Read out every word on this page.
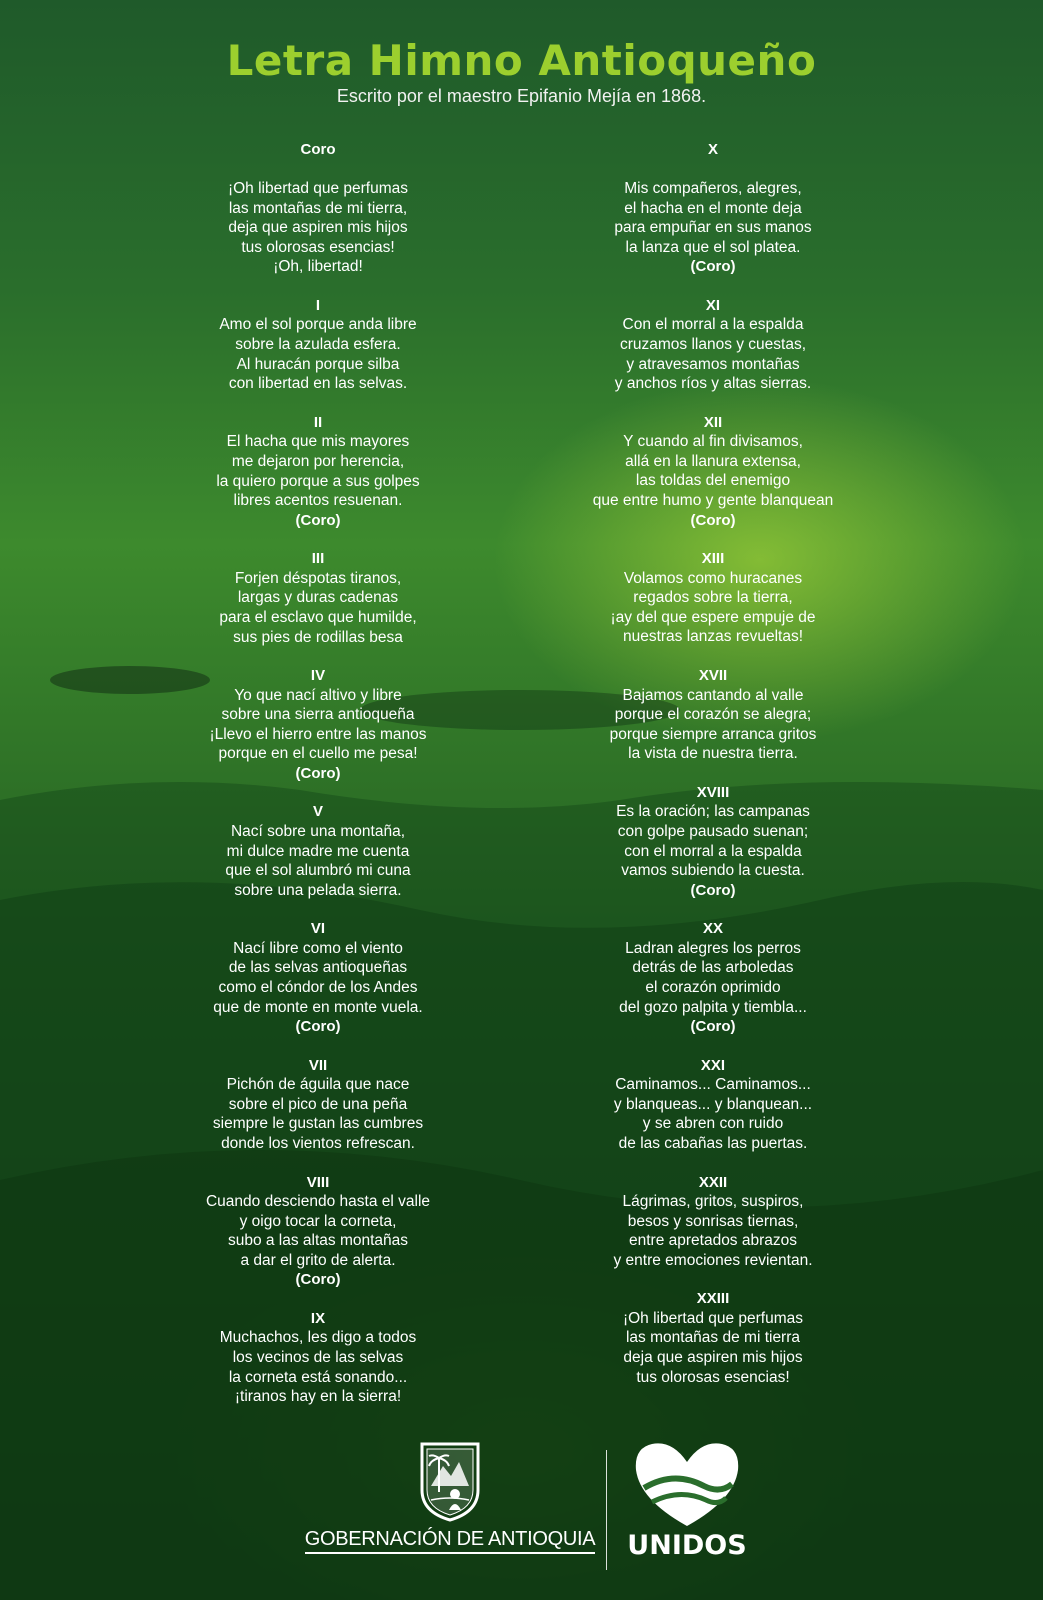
Letra Himno Antioqueño
Escrito por el maestro Epifanio Mejía en 1868.
Coro
¡Oh libertad que perfumas
las montañas de mi tierra,
deja que aspiren mis hijos
tus olorosas esencias!
¡Oh, libertad!
I
Amo el sol porque anda libre
sobre la azulada esfera.
Al huracán porque silba
con libertad en las selvas.
II
El hacha que mis mayores
me dejaron por herencia,
la quiero porque a sus golpes
libres acentos resuenan.
(Coro)
III
Forjen déspotas tiranos,
largas y duras cadenas
para el esclavo que humilde,
sus pies de rodillas besa
IV
Yo que nací altivo y libre
sobre una sierra antioqueña
¡Llevo el hierro entre las manos
porque en el cuello me pesa!
(Coro)
V
Nací sobre una montaña,
mi dulce madre me cuenta
que el sol alumbró mi cuna
sobre una pelada sierra.
VI
Nací libre como el viento
de las selvas antioqueñas
como el cóndor de los Andes
que de monte en monte vuela.
(Coro)
VII
Pichón de águila que nace
sobre el pico de una peña
siempre le gustan las cumbres
donde los vientos refrescan.
VIII
Cuando desciendo hasta el valle
y oigo tocar la corneta,
subo a las altas montañas
a dar el grito de alerta.
(Coro)
IX
Muchachos, les digo a todos
los vecinos de las selvas
la corneta está sonando...
¡tiranos hay en la sierra!
X
Mis compañeros, alegres,
el hacha en el monte deja
para empuñar en sus manos
la lanza que el sol platea.
(Coro)
XI
Con el morral a la espalda
cruzamos llanos y cuestas,
y atravesamos montañas
y anchos ríos y altas sierras.
XII
Y cuando al fin divisamos,
allá en la llanura extensa,
las toldas del enemigo
que entre humo y gente blanquean
(Coro)
XIII
Volamos como huracanes
regados sobre la tierra,
¡ay del que espere empuje de
nuestras lanzas revueltas!
XVII
Bajamos cantando al valle
porque el corazón se alegra;
porque siempre arranca gritos
la vista de nuestra tierra.
XVIII
Es la oración; las campanas
con golpe pausado suenan;
con el morral a la espalda
vamos subiendo la cuesta.
(Coro)
XX
Ladran alegres los perros
detrás de las arboledas
el corazón oprimido
del gozo palpita y tiembla...
(Coro)
XXI
Caminamos... Caminamos...
y blanqueas... y blanquean...
y se abren con ruido
de las cabañas las puertas.
XXII
Lágrimas, gritos, suspiros,
besos y sonrisas tiernas,
entre apretados abrazos
y entre emociones revientan.
XXIII
¡Oh libertad que perfumas
las montañas de mi tierra
deja que aspiren mis hijos
tus olorosas esencias!
GOBERNACIÓN DE ANTIOQUIA UNIDOS
